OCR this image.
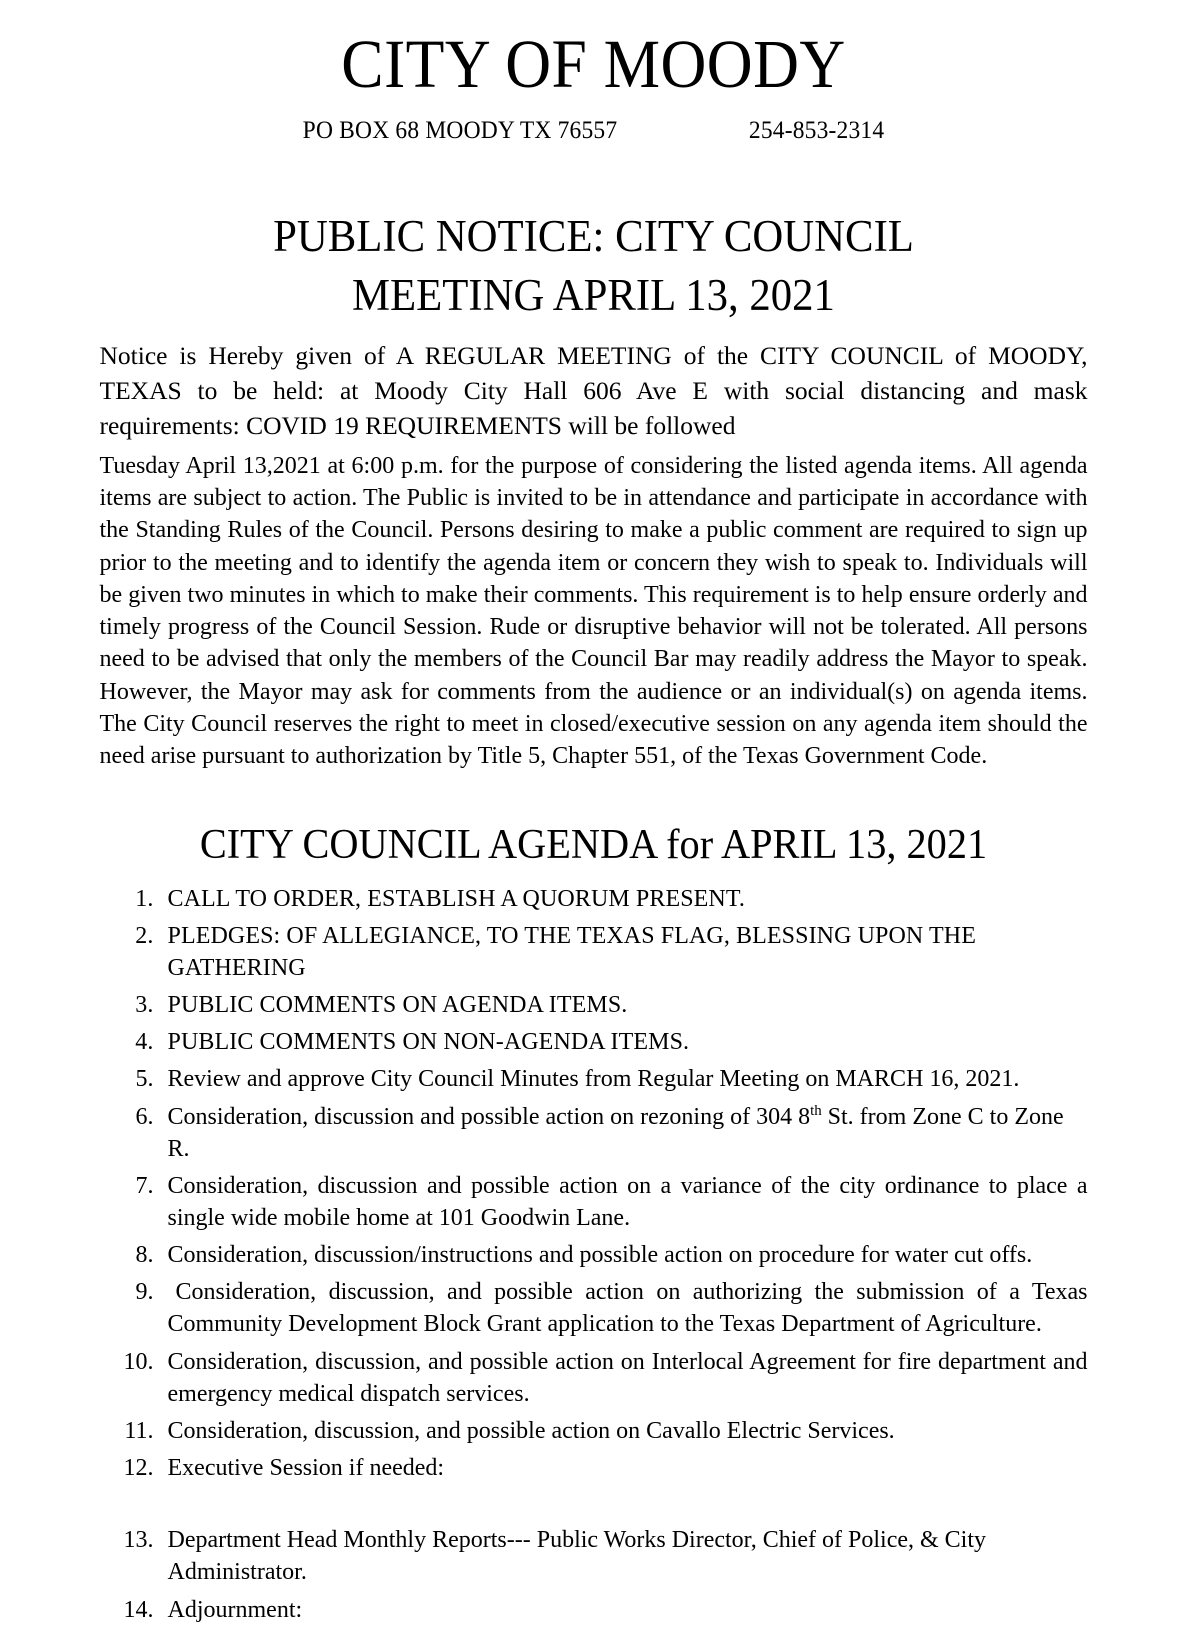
CITY OF MOODY
PO BOX 68 MOODY TX 76557	254-853-2314
PUBLIC NOTICE: CITY COUNCIL
MEETING APRIL 13, 2021

Notice is Hereby given of A REGULAR MEETING of the CITY COUNCIL of MOODY, TEXAS to be held: at Moody City Hall 606 Ave E with social distancing and mask requirements: COVID 19 REQUIREMENTS will be followed

Tuesday April 13,2021 at 6:00 p.m. for the purpose of considering the listed agenda items. All agenda items are subject to action. The Public is invited to be in attendance and participate in accordance with the Standing Rules of the Council. Persons desiring to make a public comment are required to sign up prior to the meeting and to identify the agenda item or concern they wish to speak to. Individuals will be given two minutes in which to make their comments. This requirement is to help ensure orderly and timely progress of the Council Session. Rude or disruptive behavior will not be tolerated. All persons need to be advised that only the members of the Council Bar may readily address the Mayor to speak. However, the Mayor may ask for comments from the audience or an individual(s) on agenda items. The City Council reserves the right to meet in closed/executive session on any agenda item should the need arise pursuant to authorization by Title 5, Chapter 551, of the Texas Government Code.

CITY COUNCIL AGENDA for APRIL 13, 2021
1. CALL TO ORDER, ESTABLISH A QUORUM PRESENT.
2. PLEDGES: OF ALLEGIANCE, TO THE TEXAS FLAG, BLESSING UPON THE GATHERING
3. PUBLIC COMMENTS ON AGENDA ITEMS.
4. PUBLIC COMMENTS ON NON-AGENDA ITEMS.
5. Review and approve City Council Minutes from Regular Meeting on MARCH 16, 2021.
6. Consideration, discussion and possible action on rezoning of 304 8th St. from Zone C to Zone R.
7. Consideration, discussion and possible action on a variance of the city ordinance to place a single wide mobile home at 101 Goodwin Lane.
8. Consideration, discussion/instructions and possible action on procedure for water cut offs.
9. Consideration, discussion, and possible action on authorizing the submission of a Texas Community Development Block Grant application to the Texas Department of Agriculture.
10. Consideration, discussion, and possible action on Interlocal Agreement for fire department and emergency medical dispatch services.
11. Consideration, discussion, and possible action on Cavallo Electric Services.
12. Executive Session if needed:
13. Department Head Monthly Reports--- Public Works Director, Chief of Police, & City Administrator.
14. Adjournment:
